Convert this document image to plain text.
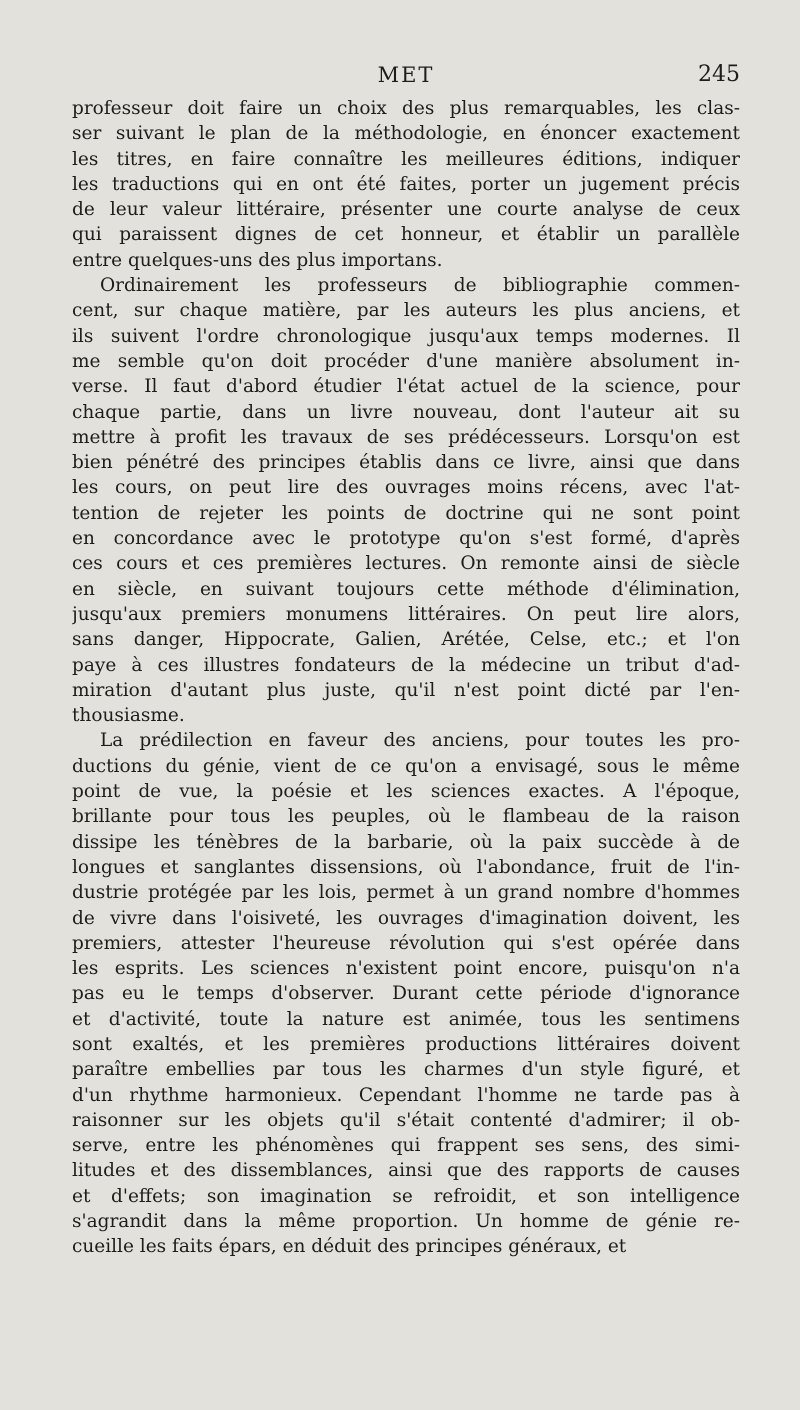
MET	245
professeur doit faire un choix des plus remarquables, les clas-
ser suivant le plan de la méthodologie, en énoncer exactement
les titres, en faire connaître les meilleures éditions, indiquer
les traductions qui en ont été faites, porter un jugement précis
de leur valeur littéraire, présenter une courte analyse de ceux
qui paraissent dignes de cet honneur, et établir un parallèle
entre quelques-uns des plus importans.
Ordinairement les professeurs de bibliographie commen-
cent, sur chaque matière, par les auteurs les plus anciens, et
ils suivent l'ordre chronologique jusqu'aux temps modernes. Il
me semble qu'on doit procéder d'une manière absolument in-
verse. Il faut d'abord étudier l'état actuel de la science, pour
chaque partie, dans un livre nouveau, dont l'auteur ait su
mettre à profit les travaux de ses prédécesseurs. Lorsqu'on est
bien pénétré des principes établis dans ce livre, ainsi que dans
les cours, on peut lire des ouvrages moins récens, avec l'at-
tention de rejeter les points de doctrine qui ne sont point
en concordance avec le prototype qu'on s'est formé, d'après
ces cours et ces premières lectures. On remonte ainsi de siècle
en siècle, en suivant toujours cette méthode d'élimination,
jusqu'aux premiers monumens littéraires. On peut lire alors,
sans danger, Hippocrate, Galien, Arétée, Celse, etc.; et l'on
paye à ces illustres fondateurs de la médecine un tribut d'ad-
miration d'autant plus juste, qu'il n'est point dicté par l'en-
thousiasme.
La prédilection en faveur des anciens, pour toutes les pro-
ductions du génie, vient de ce qu'on a envisagé, sous le même
point de vue, la poésie et les sciences exactes. A l'époque,
brillante pour tous les peuples, où le flambeau de la raison
dissipe les ténèbres de la barbarie, où la paix succède à de
longues et sanglantes dissensions, où l'abondance, fruit de l'in-
dustrie protégée par les lois, permet à un grand nombre d'hommes
de vivre dans l'oisiveté, les ouvrages d'imagination doivent, les
premiers, attester l'heureuse révolution qui s'est opérée dans
les esprits. Les sciences n'existent point encore, puisqu'on n'a
pas eu le temps d'observer. Durant cette période d'ignorance
et d'activité, toute la nature est animée, tous les sentimens
sont exaltés, et les premières productions littéraires doivent
paraître embellies par tous les charmes d'un style figuré, et
d'un rhythme harmonieux. Cependant l'homme ne tarde pas à
raisonner sur les objets qu'il s'était contenté d'admirer; il ob-
serve, entre les phénomènes qui frappent ses sens, des simi-
litudes et des dissemblances, ainsi que des rapports de causes
et d'effets; son imagination se refroidit, et son intelligence
s'agrandit dans la même proportion. Un homme de génie re-
cueille les faits épars, en déduit des principes généraux, et
